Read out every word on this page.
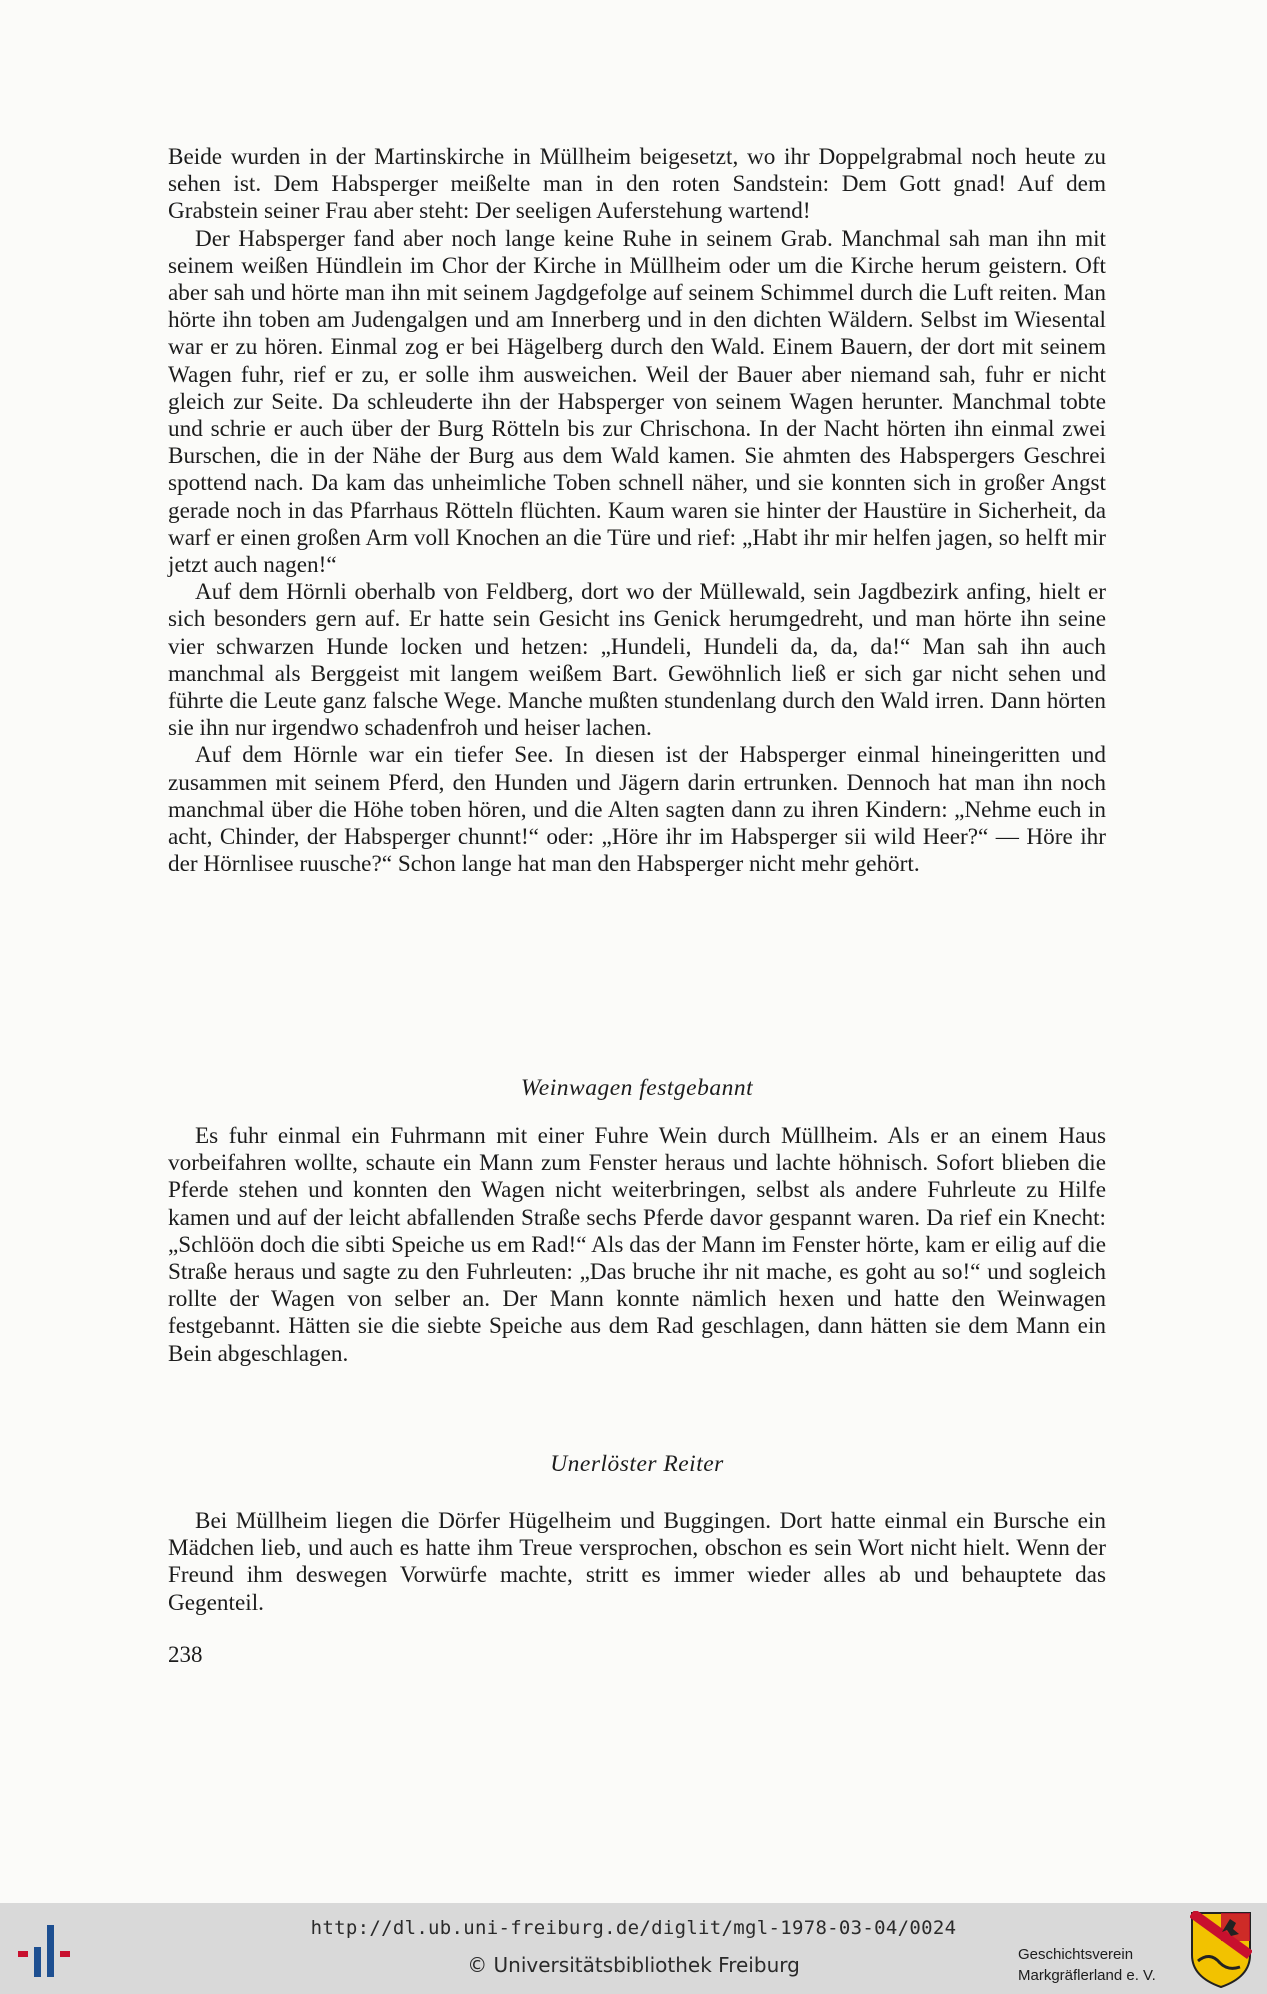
Beide wurden in der Martinskirche in Müllheim beigesetzt, wo ihr Doppelgrabmal noch heute zu sehen ist. Dem Habsperger meißelte man in den roten Sandstein: Dem Gott gnad! Auf dem Grabstein seiner Frau aber steht: Der seeligen Auferstehung wartend!

Der Habsperger fand aber noch lange keine Ruhe in seinem Grab. Manchmal sah man ihn mit seinem weißen Hündlein im Chor der Kirche in Müllheim oder um die Kirche herum geistern. Oft aber sah und hörte man ihn mit seinem Jagdgefolge auf seinem Schimmel durch die Luft reiten. Man hörte ihn toben am Judengalgen und am Innerberg und in den dichten Wäldern. Selbst im Wiesental war er zu hören. Einmal zog er bei Hägelberg durch den Wald. Einem Bauern, der dort mit seinem Wagen fuhr, rief er zu, er solle ihm ausweichen. Weil der Bauer aber niemand sah, fuhr er nicht gleich zur Seite. Da schleuderte ihn der Habsperger von seinem Wagen herunter. Manchmal tobte und schrie er auch über der Burg Rötteln bis zur Chrischona. In der Nacht hörten ihn einmal zwei Burschen, die in der Nähe der Burg aus dem Wald kamen. Sie ahmten des Habspergers Geschrei spottend nach. Da kam das unheimliche Toben schnell näher, und sie konnten sich in großer Angst gerade noch in das Pfarrhaus Rötteln flüchten. Kaum waren sie hinter der Haustüre in Sicherheit, da warf er einen großen Arm voll Knochen an die Türe und rief: „Habt ihr mir helfen jagen, so helft mir jetzt auch nagen!“

Auf dem Hörnli oberhalb von Feldberg, dort wo der Müllewald, sein Jagdbezirk anfing, hielt er sich besonders gern auf. Er hatte sein Gesicht ins Genick herumgedreht, und man hörte ihn seine vier schwarzen Hunde locken und hetzen: „Hundeli, Hundeli da, da, da!“ Man sah ihn auch manchmal als Berggeist mit langem weißem Bart. Gewöhnlich ließ er sich gar nicht sehen und führte die Leute ganz falsche Wege. Manche mußten stundenlang durch den Wald irren. Dann hörten sie ihn nur irgendwo schadenfroh und heiser lachen.

Auf dem Hörnle war ein tiefer See. In diesen ist der Habsperger einmal hineingeritten und zusammen mit seinem Pferd, den Hunden und Jägern darin ertrunken. Dennoch hat man ihn noch manchmal über die Höhe toben hören, und die Alten sagten dann zu ihren Kindern: „Nehme euch in acht, Chinder, der Habsperger chunnt!“ oder: „Höre ihr im Habsperger sii wild Heer?“ — Höre ihr der Hörnlisee ruusche?“ Schon lange hat man den Habsperger nicht mehr gehört.

Weinwagen festgebannt

Es fuhr einmal ein Fuhrmann mit einer Fuhre Wein durch Müllheim. Als er an einem Haus vorbeifahren wollte, schaute ein Mann zum Fenster heraus und lachte höhnisch. Sofort blieben die Pferde stehen und konnten den Wagen nicht weiterbringen, selbst als andere Fuhrleute zu Hilfe kamen und auf der leicht abfallenden Straße sechs Pferde davor gespannt waren. Da rief ein Knecht: „Schlöön doch die sibti Speiche us em Rad!“ Als das der Mann im Fenster hörte, kam er eilig auf die Straße heraus und sagte zu den Fuhrleuten: „Das bruche ihr nit mache, es goht au so!“ und sogleich rollte der Wagen von selber an. Der Mann konnte nämlich hexen und hatte den Weinwagen festgebannt. Hätten sie die siebte Speiche aus dem Rad geschlagen, dann hätten sie dem Mann ein Bein abgeschlagen.

Unerlöster Reiter

Bei Müllheim liegen die Dörfer Hügelheim und Buggingen. Dort hatte einmal ein Bursche ein Mädchen lieb, und auch es hatte ihm Treue versprochen, obschon es sein Wort nicht hielt. Wenn der Freund ihm deswegen Vorwürfe machte, stritt es immer wieder alles ab und behauptete das Gegenteil.

238
http://dl.ub.uni-freiburg.de/diglit/mgl-1978-03-04/0024
© Universitätsbibliothek Freiburg	Geschichtsverein
Markgräflerland e. V.
